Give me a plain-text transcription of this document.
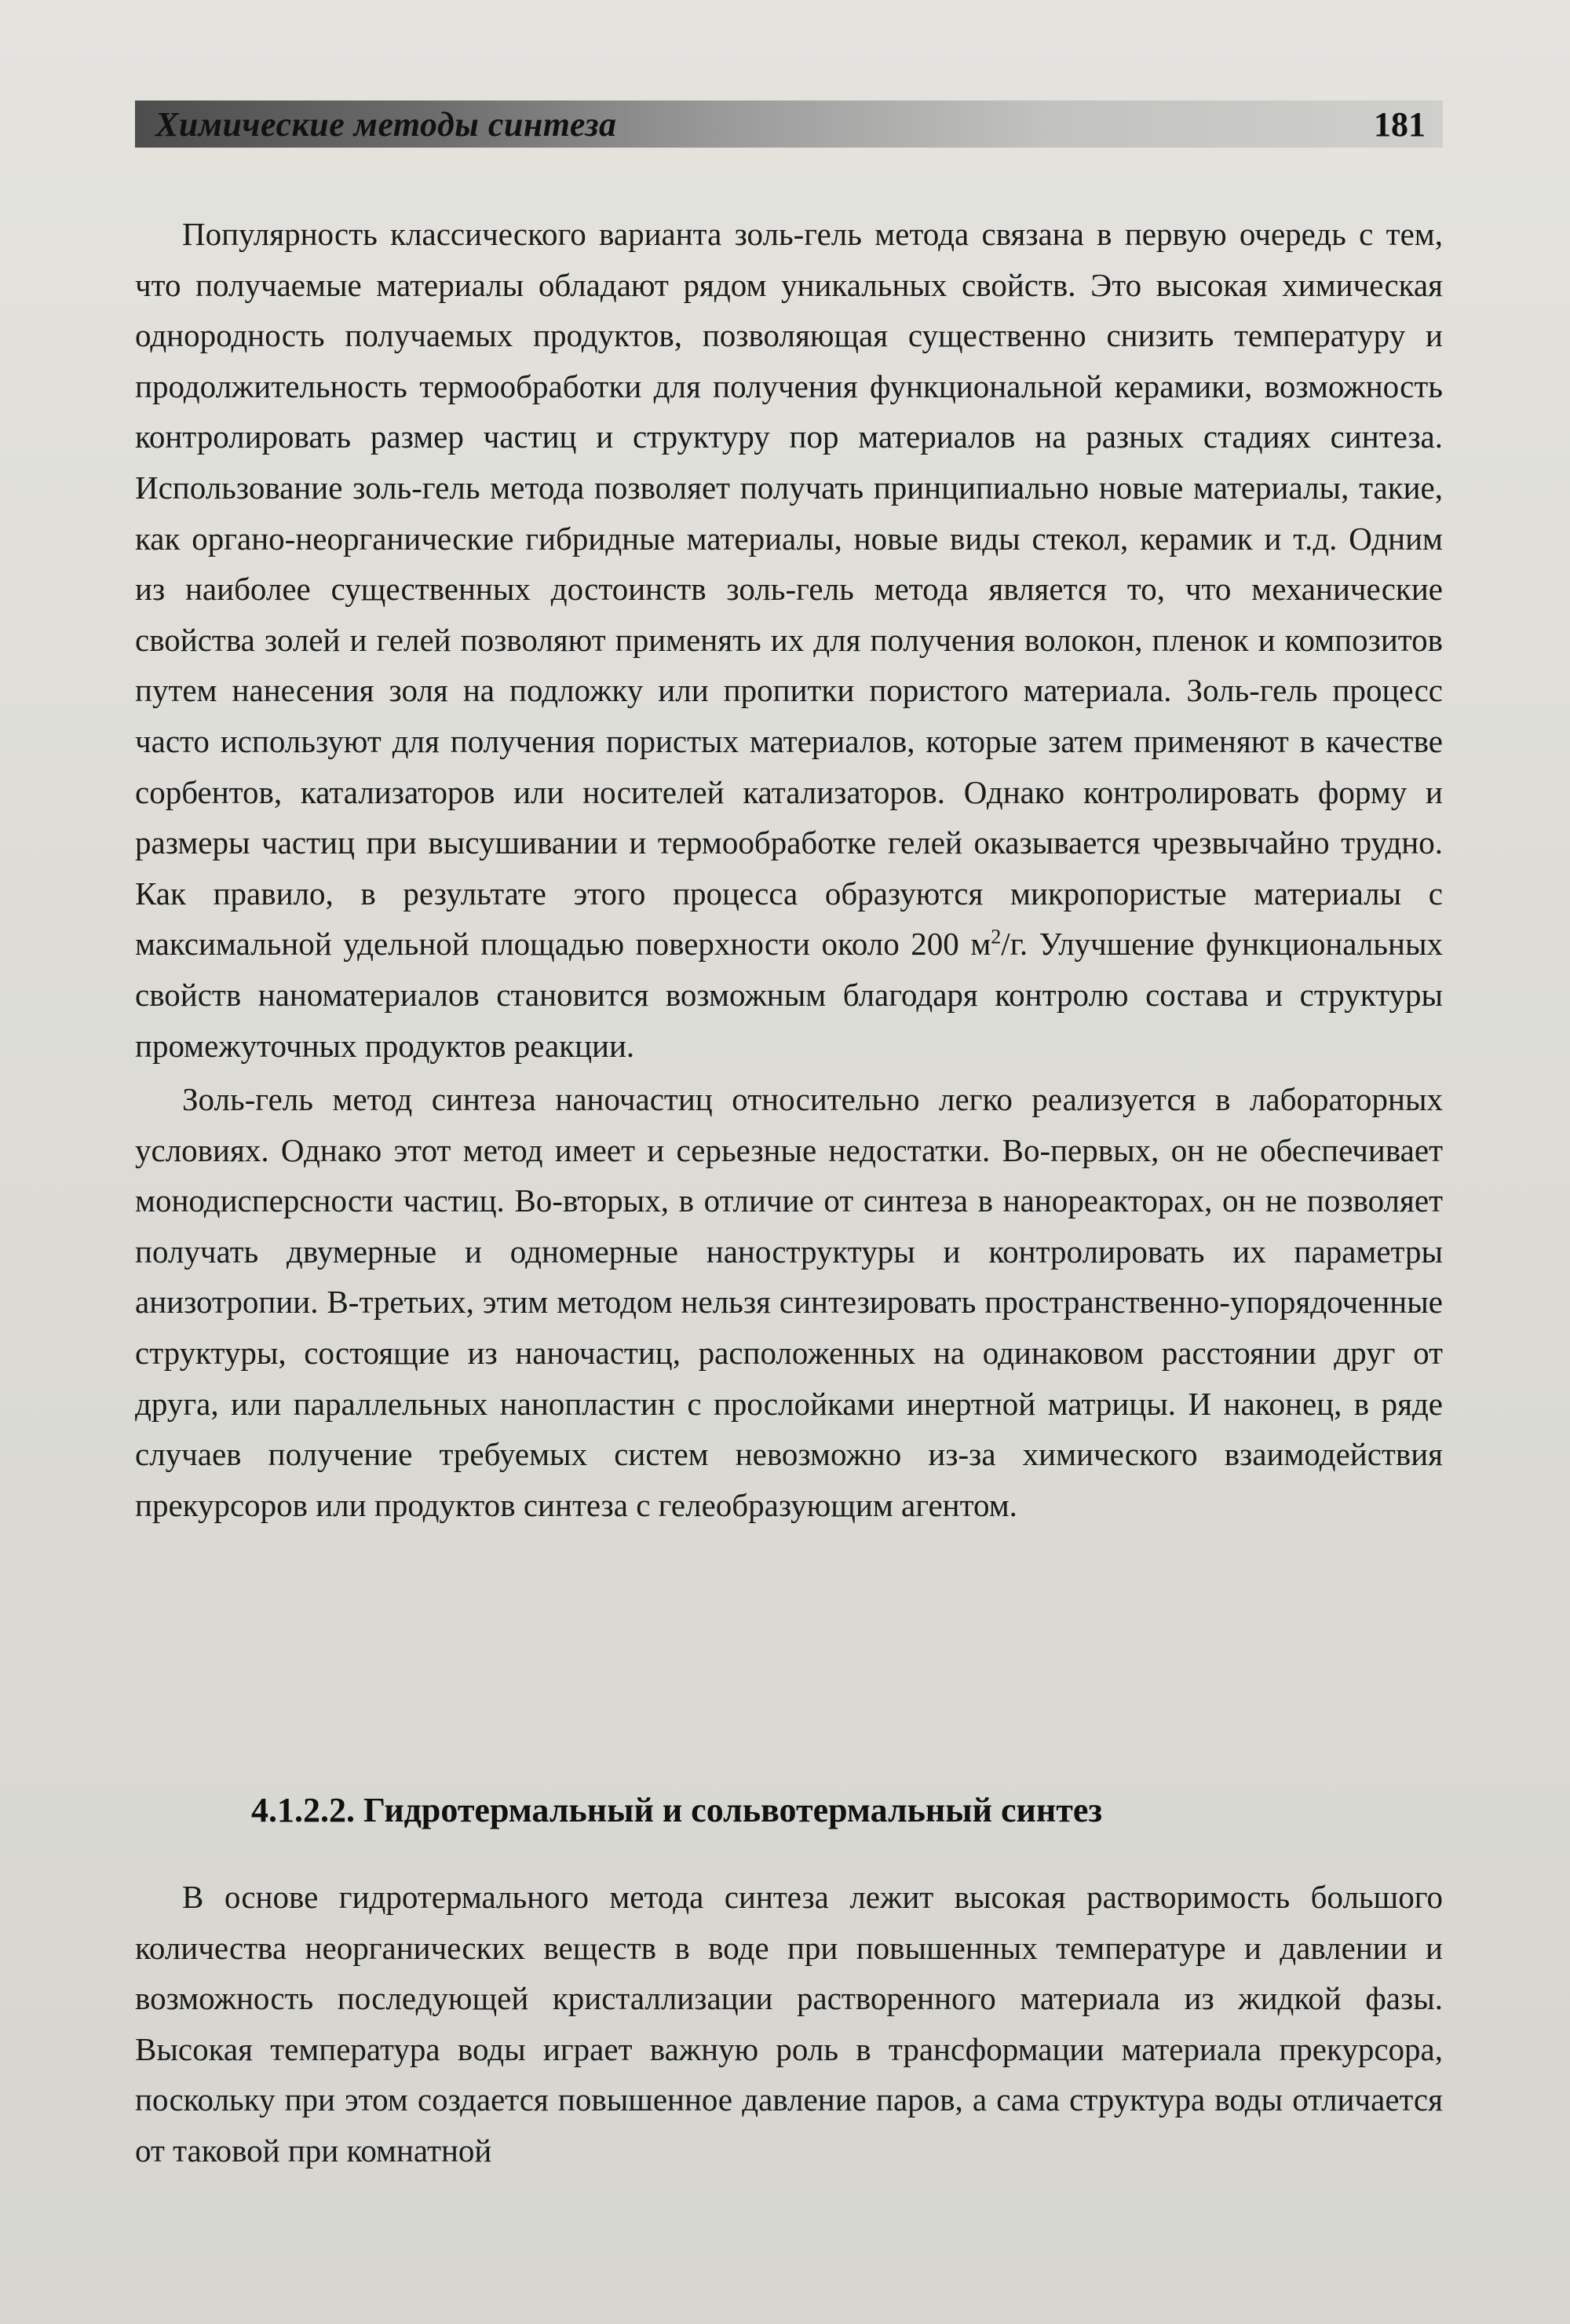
Химические методы синтеза	181

Популярность классического варианта золь-гель метода связана в первую очередь с тем, что получаемые материалы обладают рядом уникальных свойств. Это высокая химическая однородность получаемых продуктов, позволяющая существенно снизить температуру и продолжительность термообработки для получения функциональной керамики, возможность контролировать размер частиц и структуру пор материалов на разных стадиях синтеза. Использование золь-гель метода позволяет получать принципиально новые материалы, такие, как органо-неорганические гибридные материалы, новые виды стекол, керамик и т.д. Одним из наиболее существенных достоинств золь-гель метода является то, что механические свойства золей и гелей позволяют применять их для получения волокон, пленок и композитов путем нанесения золя на подложку или пропитки пористого материала. Золь-гель процесс часто используют для получения пористых материалов, которые затем применяют в качестве сорбентов, катализаторов или носителей катализаторов. Однако контролировать форму и размеры частиц при высушивании и термообработке гелей оказывается чрезвычайно трудно. Как правило, в результате этого процесса образуются микропористые материалы с максимальной удельной площадью поверхности около 200 $м^2/г$. Улучшение функциональных свойств наноматериалов становится возможным благодаря контролю состава и структуры промежуточных продуктов реакции.

Золь-гель метод синтеза наночастиц относительно легко реализуется в лабораторных условиях. Однако этот метод имеет и серьезные недостатки. Во-первых, он не обеспечивает монодисперсности частиц. Во-вторых, в отличие от синтеза в нанореакторах, он не позволяет получать двумерные и одномерные наноструктуры и контролировать их параметры анизотропии. В-третьих, этим методом нельзя синтезировать пространственно-упорядоченные структуры, состоящие из наночастиц, расположенных на одинаковом расстоянии друг от друга, или параллельных нанопластин с прослойками инертной матрицы. И наконец, в ряде случаев получение требуемых систем невозможно из-за химического взаимодействия прекурсоров или продуктов синтеза с гелеобразующим агентом.

4.1.2.2. Гидротермальный и сольвотермальный синтез

В основе гидротермального метода синтеза лежит высокая растворимость большого количества неорганических веществ в воде при повышенных температуре и давлении и возможность последующей кристаллизации растворенного материала из жидкой фазы. Высокая температура воды играет важную роль в трансформации материала прекурсора, поскольку при этом создается повышенное давление паров, а сама структура воды отличается от таковой при комнатной
